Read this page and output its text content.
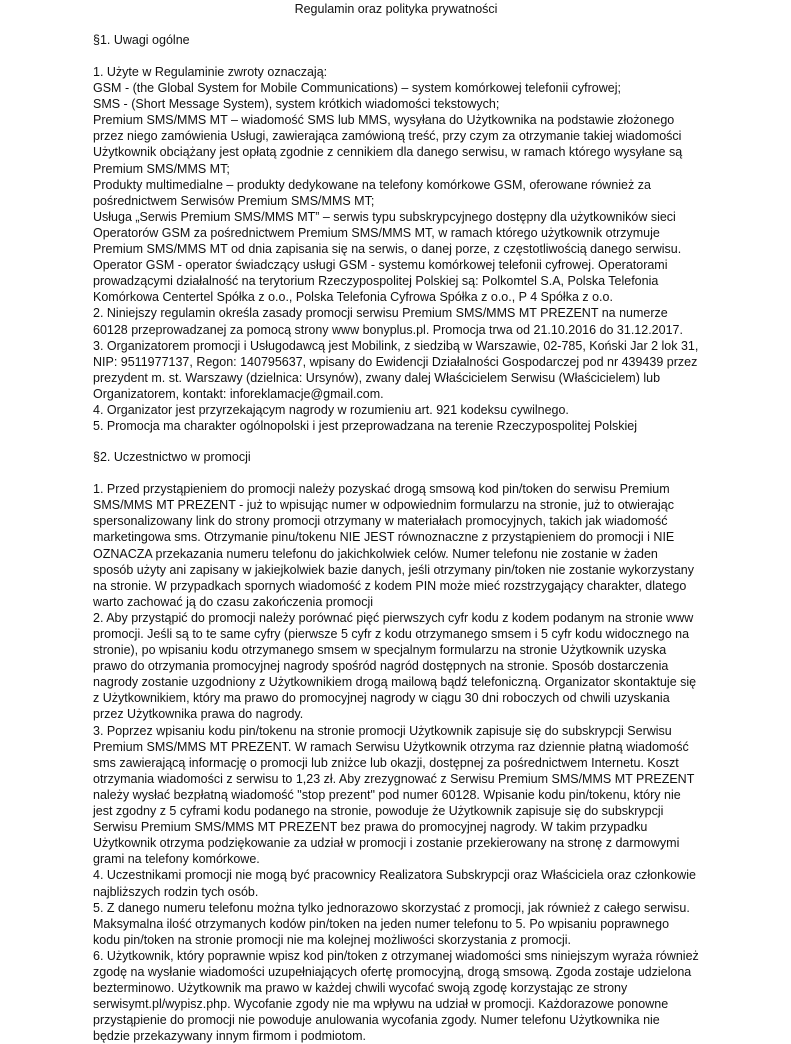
Regulamin oraz polityka prywatności
§1. Uwagi ogólne

1. Użyte w Regulaminie zwroty oznaczają:

GSM - (the Global System for Mobile Communications) – system komórkowej telefonii cyfrowej;

SMS - (Short Message System), system krótkich wiadomości tekstowych;

Premium SMS/MMS MT – wiadomość SMS lub MMS, wysyłana do Użytkownika na podstawie złożonego przez niego zamówienia Usługi, zawierająca zamówioną treść, przy czym za otrzymanie takiej wiadomości Użytkownik obciążany jest opłatą zgodnie z cennikiem dla danego serwisu, w ramach którego wysyłane są Premium SMS/MMS MT;

Produkty multimedialne – produkty dedykowane na telefony komórkowe GSM, oferowane również za pośrednictwem Serwisów Premium SMS/MMS MT;

Usługa „Serwis Premium SMS/MMS MT” – serwis typu subskrypcyjnego dostępny dla użytkowników sieci Operatorów GSM za pośrednictwem Premium SMS/MMS MT, w ramach którego użytkownik otrzymuje Premium SMS/MMS MT od dnia zapisania się na serwis, o danej porze, z częstotliwością danego serwisu.

Operator GSM - operator świadczący usługi GSM - systemu komórkowej telefonii cyfrowej. Operatorami prowadzącymi działalność na terytorium Rzeczypospolitej Polskiej są: Polkomtel S.A, Polska Telefonia Komórkowa Centertel Spółka z o.o., Polska Telefonia Cyfrowa Spółka z o.o., P 4 Spółka z o.o.

2. Niniejszy regulamin określa zasady promocji serwisu Premium SMS/MMS MT PREZENT na numerze 60128 przeprowadzanej za pomocą strony www bonyplus.pl. Promocja trwa od 21.10.2016 do 31.12.2017.

3. Organizatorem promocji i Usługodawcą jest Mobilink, z siedzibą w Warszawie, 02-785, Koński Jar 2 lok 31, NIP: 9511977137, Regon: 140795637, wpisany do Ewidencji Działalności Gospodarczej pod nr 439439 przez prezydent m. st. Warszawy (dzielnica: Ursynów), zwany dalej Właścicielem Serwisu (Właścicielem) lub Organizatorem, kontakt: inforeklamacje@gmail.com.

4. Organizator jest przyrzekającym nagrody w rozumieniu art. 921 kodeksu cywilnego.

5. Promocja ma charakter ogólnopolski i jest przeprowadzana na terenie Rzeczypospolitej Polskiej

§2. Uczestnictwo w promocji

1. Przed przystąpieniem do promocji należy pozyskać drogą smsową kod pin/token do serwisu Premium SMS/MMS MT PREZENT - już to wpisując numer w odpowiednim formularzu na stronie, już to otwierając spersonalizowany link do strony promocji otrzymany w materiałach promocyjnych, takich jak wiadomość marketingowa sms. Otrzymanie pinu/tokenu NIE JEST równoznaczne z przystąpieniem do promocji i NIE OZNACZA przekazania numeru telefonu do jakichkolwiek celów. Numer telefonu nie zostanie w żaden sposób użyty ani zapisany w jakiejkolwiek bazie danych, jeśli otrzymany pin/token nie zostanie wykorzystany na stronie. W przypadkach spornych wiadomość z kodem PIN może mieć rozstrzygający charakter, dlatego warto zachować ją do czasu zakończenia promocji

2. Aby przystąpić do promocji należy porównać pięć pierwszych cyfr kodu z kodem podanym na stronie www promocji. Jeśli są to te same cyfry (pierwsze 5 cyfr z kodu otrzymanego smsem i 5 cyfr kodu widocznego na stronie), po wpisaniu kodu otrzymanego smsem w specjalnym formularzu na stronie Użytkownik uzyska prawo do otrzymania promocyjnej nagrody spośród nagród dostępnych na stronie. Sposób dostarczenia nagrody zostanie uzgodniony z Użytkownikiem drogą mailową bądź telefoniczną. Organizator skontaktuje się z Użytkownikiem, który ma prawo do promocyjnej nagrody w ciągu 30 dni roboczych od chwili uzyskania przez Użytkownika prawa do nagrody.

3. Poprzez wpisaniu kodu pin/tokenu na stronie promocji Użytkownik zapisuje się do subskrypcji Serwisu Premium SMS/MMS MT PREZENT. W ramach Serwisu Użytkownik otrzyma raz dziennie płatną wiadomość sms zawierającą informację o promocji lub zniżce lub okazji, dostępnej za pośrednictwem Internetu. Koszt otrzymania wiadomości z serwisu to 1,23 zł. Aby zrezygnować z Serwisu Premium SMS/MMS MT PREZENT należy wysłać bezpłatną wiadomość "stop prezent" pod numer 60128. Wpisanie kodu pin/tokenu, który nie jest zgodny z 5 cyframi kodu podanego na stronie, powoduje że Użytkownik zapisuje się do subskrypcji Serwisu Premium SMS/MMS MT PREZENT bez prawa do promocyjnej nagrody. W takim przypadku Użytkownik otrzyma podziękowanie za udział w promocji i zostanie przekierowany na stronę z darmowymi grami na telefony komórkowe.

4. Uczestnikami promocji nie mogą być pracownicy Realizatora Subskrypcji oraz Właściciela oraz członkowie najbliższych rodzin tych osób.

5. Z danego numeru telefonu można tylko jednorazowo skorzystać z promocji, jak również z całego serwisu. Maksymalna ilość otrzymanych kodów pin/token na jeden numer telefonu to 5. Po wpisaniu poprawnego kodu pin/token na stronie promocji nie ma kolejnej możliwości skorzystania z promocji.

6. Użytkownik, który poprawnie wpisz kod pin/token z otrzymanej wiadomości sms niniejszym wyraża również zgodę na wysłanie wiadomości uzupełniających ofertę promocyjną, drogą smsową. Zgoda zostaje udzielona bezterminowo. Użytkownik ma prawo w każdej chwili wycofać swoją zgodę korzystając ze strony serwisymt.pl/wypisz.php. Wycofanie zgody nie ma wpływu na udział w promocji. Każdorazowe ponowne przystąpienie do promocji nie powoduje anulowania wycofania zgody. Numer telefonu Użytkownika nie będzie przekazywany innym firmom i podmiotom.
